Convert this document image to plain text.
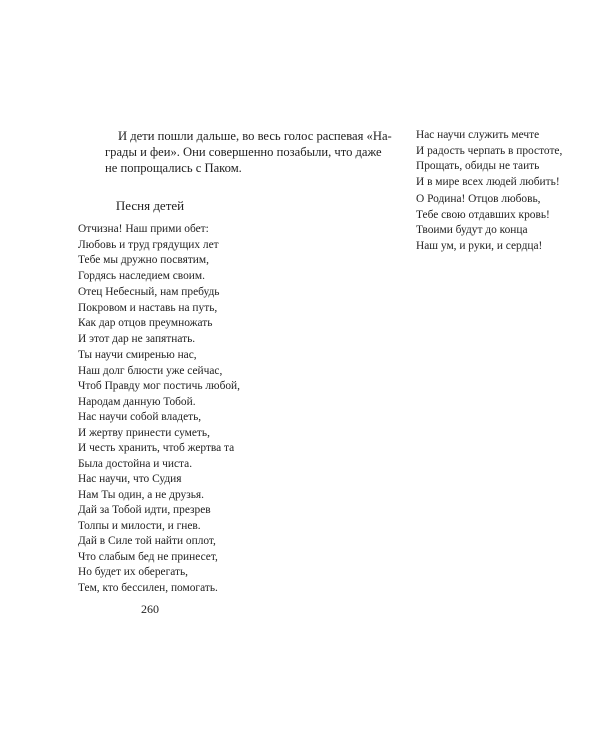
И дети пошли дальше, во весь голос распевая «На-
грады и феи». Они совершенно позабыли, что даже
не попрощались с Паком.
Песня детей
Отчизна! Наш прими обет:
Любовь и труд грядущих лет
Тебе мы дружно посвятим,
Гордясь наследием своим.
Отец Небесный, нам пребудь
Покровом и наставь на путь,
Как дар отцов преумножать
И этот дар не запятнать.
Ты научи смиренью нас,
Наш долг блюсти уже сейчас,
Чтоб Правду мог постичь любой,
Народам данную Тобой.
Нас научи собой владеть,
И жертву принести суметь,
И честь хранить, чтоб жертва та
Была достойна и чиста.
Нас научи, что Судия
Нам Ты один, а не друзья.
Дай за Тобой идти, презрев
Толпы и милости, и гнев.
Дай в Силе той найти оплот,
Что слабым бед не принесет,
Но будет их оберегать,
Тем, кто бессилен, помогать.
260
Нас научи служить мечте
И радость черпать в простоте,
Прощать, обиды не таить
И в мире всех людей любить!
О Родина! Отцов любовь,
Тебе свою отдавших кровь!
Твоими будут до конца
Наш ум, и руки, и сердца!
